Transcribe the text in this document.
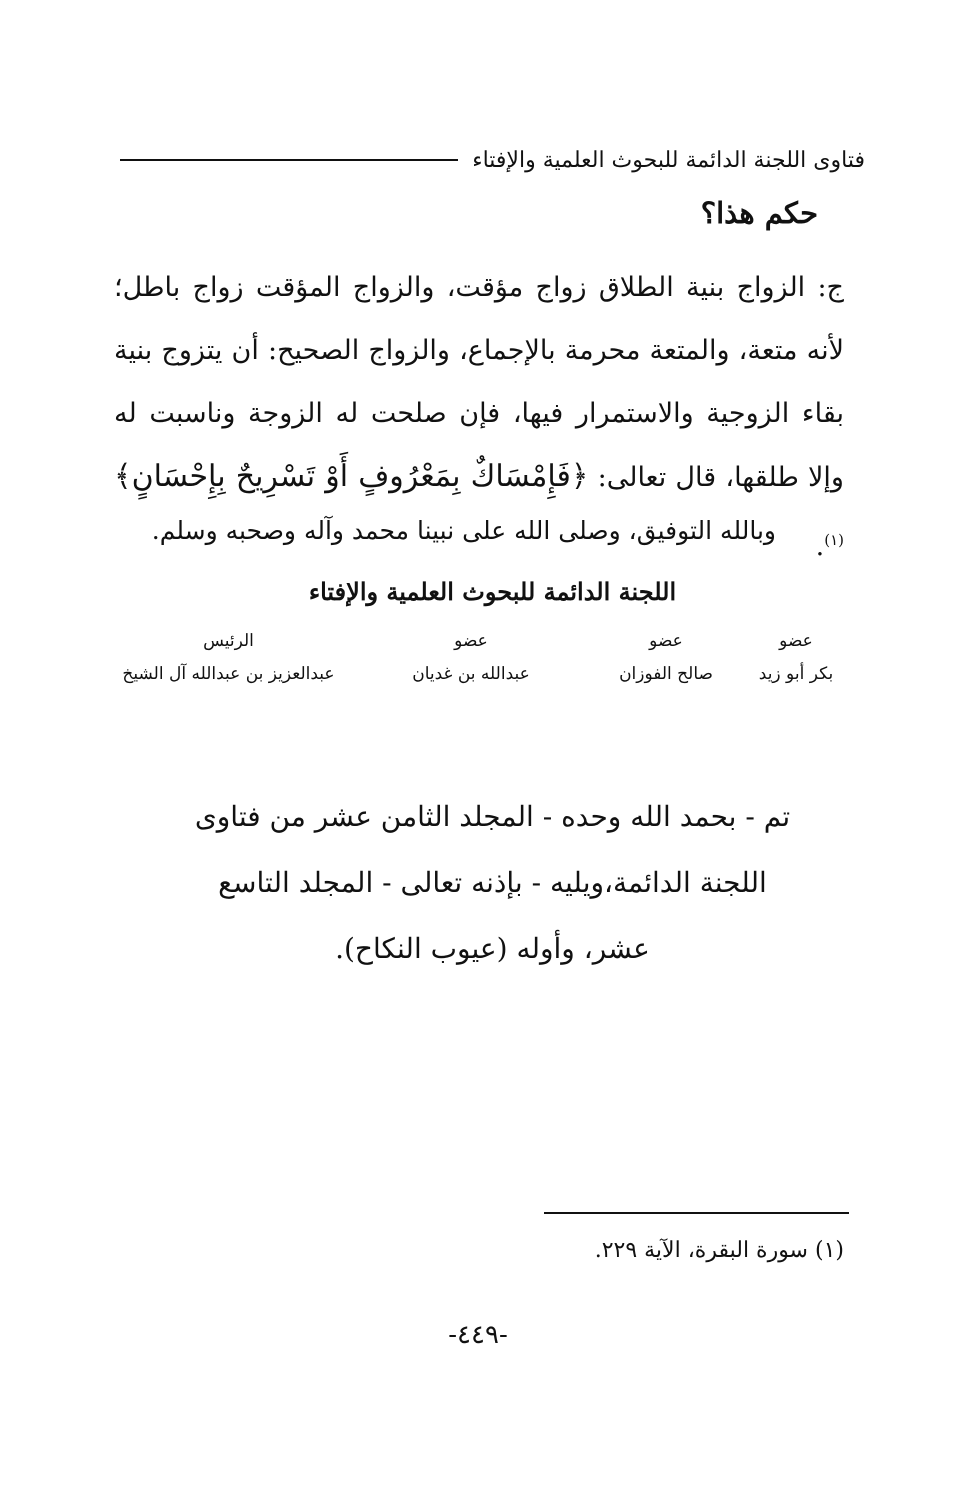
فتاوى اللجنة الدائمة للبحوث العلمية والإفتاء
حكم هذا؟
ج: الزواج بنية الطلاق زواج مؤقت، والزواج المؤقت زواج باطل؛ لأنه متعة، والمتعة محرمة بالإجماع، والزواج الصحيح: أن يتزوج بنية بقاء الزوجية والاستمرار فيها، فإن صلحت له الزوجة وناسبت له وإلا طلقها، قال تعالى: ﴿فَإِمْسَاكٌ بِمَعْرُوفٍ أَوْ تَسْرِيحٌ بِإِحْسَانٍ﴾$^{(١)}$.
وبالله التوفيق، وصلى الله على نبينا محمد وآله وصحبه وسلم.
اللجنة الدائمة للبحوث العلمية والإفتاء
عضو
بكر أبو زيد
عضو
صالح الفوزان
عضو
عبدالله بن غديان
الرئيس
عبدالعزيز بن عبدالله آل الشيخ
تم - بحمد الله وحده - المجلد الثامن عشر من فتاوى
اللجنة الدائمة،ويليه - بإذنه تعالى - المجلد التاسع
عشر، وأوله (عيوب النكاح).
(١) سورة البقرة، الآية ٢٢٩.
-٤٤٩-
